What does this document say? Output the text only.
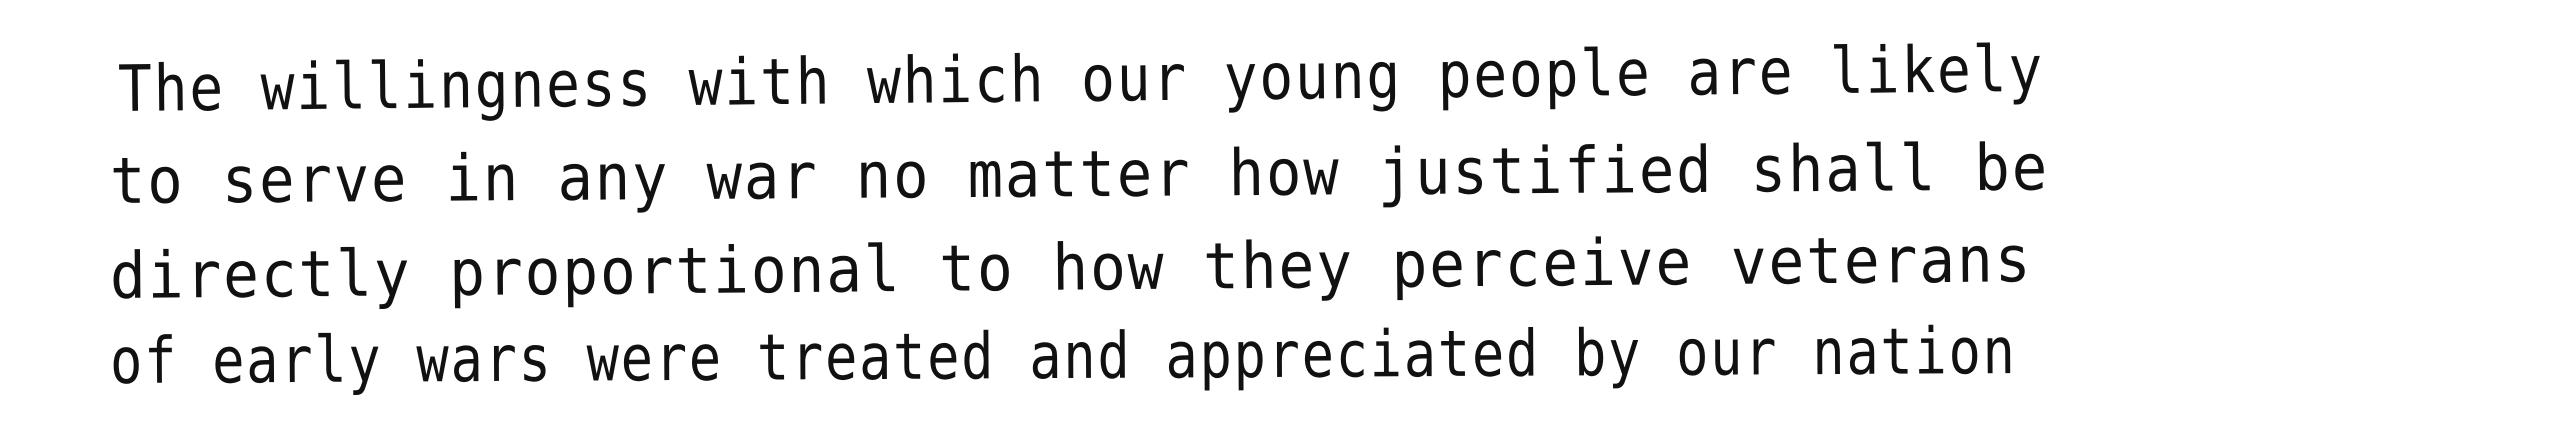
The willingness with which our young people are likely
to serve in any war no matter how justified shall be
directly proportional to how they perceive veterans
of early wars were treated and appreciated by our nation
